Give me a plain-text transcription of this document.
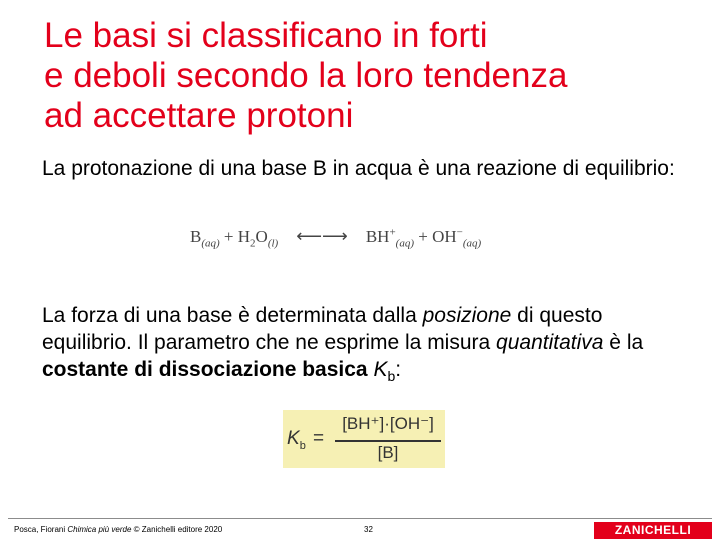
Le basi si classificano in forti
e deboli secondo la loro tendenza
ad accettare protoni

La protonazione di una base B in acqua è una reazione di equilibrio:

$B_{(aq)} + H_2O_{(l)}$ ⟵⟶ $BH^+_{(aq)} + OH^-_{(aq)}$

La forza di una base è determinata dalla posizione di questo equilibrio. Il parametro che ne esprime la misura quantitativa è la costante di dissociazione basica $K_b$:

$K_b$ =
[BH⁺]·[OH⁻]
[B]
Posca, Fiorani Chimica più verde © Zanichelli editore 2020	32	ZANICHELLI
